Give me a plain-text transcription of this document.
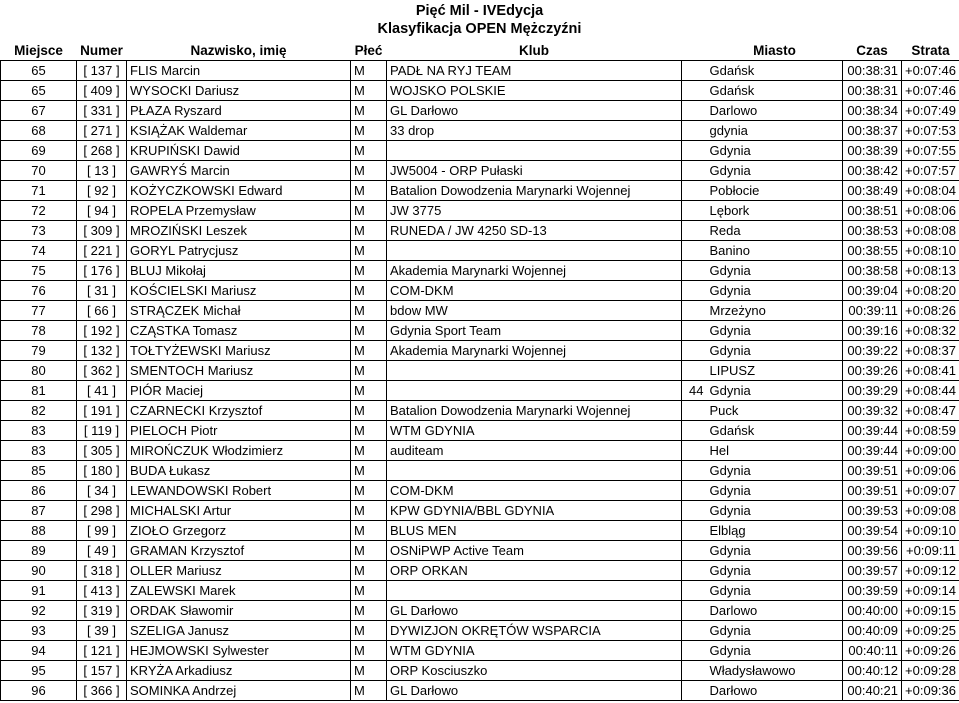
Pięć Mil - IVEdycja
Klasyfikacja OPEN Mężczyźni
Miejsce	Numer	Nazwisko, imię	Płeć	Klub		Miasto	Czas	Strata
65	[ 137 ]	FLIS Marcin	M	PADŁ NA RYJ TEAM		Gdańsk	00:38:31	+0:07:46
65	[ 409 ]	WYSOCKI Dariusz	M	WOJSKO POLSKIE		Gdańsk	00:38:31	+0:07:46
67	[ 331 ]	PŁAZA Ryszard	M	GL Darłowo		Darlowo	00:38:34	+0:07:49
68	[ 271 ]	KSIĄŻAK Waldemar	M	33 drop		gdynia	00:38:37	+0:07:53
69	[ 268 ]	KRUPIŃSKI Dawid	M			Gdynia	00:38:39	+0:07:55
70	[ 13 ]	GAWRYŚ Marcin	M	JW5004 - ORP Pułaski		Gdynia	00:38:42	+0:07:57
71	[ 92 ]	KOŻYCZKOWSKI Edward	M	Batalion Dowodzenia Marynarki Wojennej		Pobłocie	00:38:49	+0:08:04
72	[ 94 ]	ROPELA Przemysław	M	JW 3775		Lębork	00:38:51	+0:08:06
73	[ 309 ]	MROZIŃSKI Leszek	M	RUNEDA / JW 4250 SD-13		Reda	00:38:53	+0:08:08
74	[ 221 ]	GORYL Patrycjusz	M			Banino	00:38:55	+0:08:10
75	[ 176 ]	BLUJ Mikołaj	M	Akademia Marynarki Wojennej		Gdynia	00:38:58	+0:08:13
76	[ 31 ]	KOŚCIELSKI Mariusz	M	COM-DKM		Gdynia	00:39:04	+0:08:20
77	[ 66 ]	STRĄCZEK Michał	M	bdow MW		Mrzeżyno	00:39:11	+0:08:26
78	[ 192 ]	CZĄSTKA Tomasz	M	Gdynia Sport Team		Gdynia	00:39:16	+0:08:32
79	[ 132 ]	TOŁTYŻEWSKI Mariusz	M	Akademia Marynarki Wojennej		Gdynia	00:39:22	+0:08:37
80	[ 362 ]	SMENTOCH Mariusz	M			LIPUSZ	00:39:26	+0:08:41
81	[ 41 ]	PIÓR Maciej	M		44	Gdynia	00:39:29	+0:08:44
82	[ 191 ]	CZARNECKI Krzysztof	M	Batalion Dowodzenia Marynarki Wojennej		Puck	00:39:32	+0:08:47
83	[ 119 ]	PIELOCH Piotr	M	WTM GDYNIA		Gdańsk	00:39:44	+0:08:59
83	[ 305 ]	MIROŃCZUK Włodzimierz	M	auditeam		Hel	00:39:44	+0:09:00
85	[ 180 ]	BUDA Łukasz	M			Gdynia	00:39:51	+0:09:06
86	[ 34 ]	LEWANDOWSKI Robert	M	COM-DKM		Gdynia	00:39:51	+0:09:07
87	[ 298 ]	MICHALSKI Artur	M	KPW GDYNIA/BBL GDYNIA		Gdynia	00:39:53	+0:09:08
88	[ 99 ]	ZIOŁO Grzegorz	M	BLUS MEN		Elbląg	00:39:54	+0:09:10
89	[ 49 ]	GRAMAN Krzysztof	M	OSNiPWP Active Team		Gdynia	00:39:56	+0:09:11
90	[ 318 ]	OLLER Mariusz	M	ORP ORKAN		Gdynia	00:39:57	+0:09:12
91	[ 413 ]	ZALEWSKI Marek	M			Gdynia	00:39:59	+0:09:14
92	[ 319 ]	ORDAK Sławomir	M	GL Darłowo		Darlowo	00:40:00	+0:09:15
93	[ 39 ]	SZELIGA Janusz	M	DYWIZJON OKRĘTÓW WSPARCIA		Gdynia	00:40:09	+0:09:25
94	[ 121 ]	HEJMOWSKI Sylwester	M	WTM GDYNIA		Gdynia	00:40:11	+0:09:26
95	[ 157 ]	KRYŻA Arkadiusz	M	ORP Kosciuszko		Władysławowo	00:40:12	+0:09:28
96	[ 366 ]	SOMINKA Andrzej	M	GL Darłowo		Darłowo	00:40:21	+0:09:36
